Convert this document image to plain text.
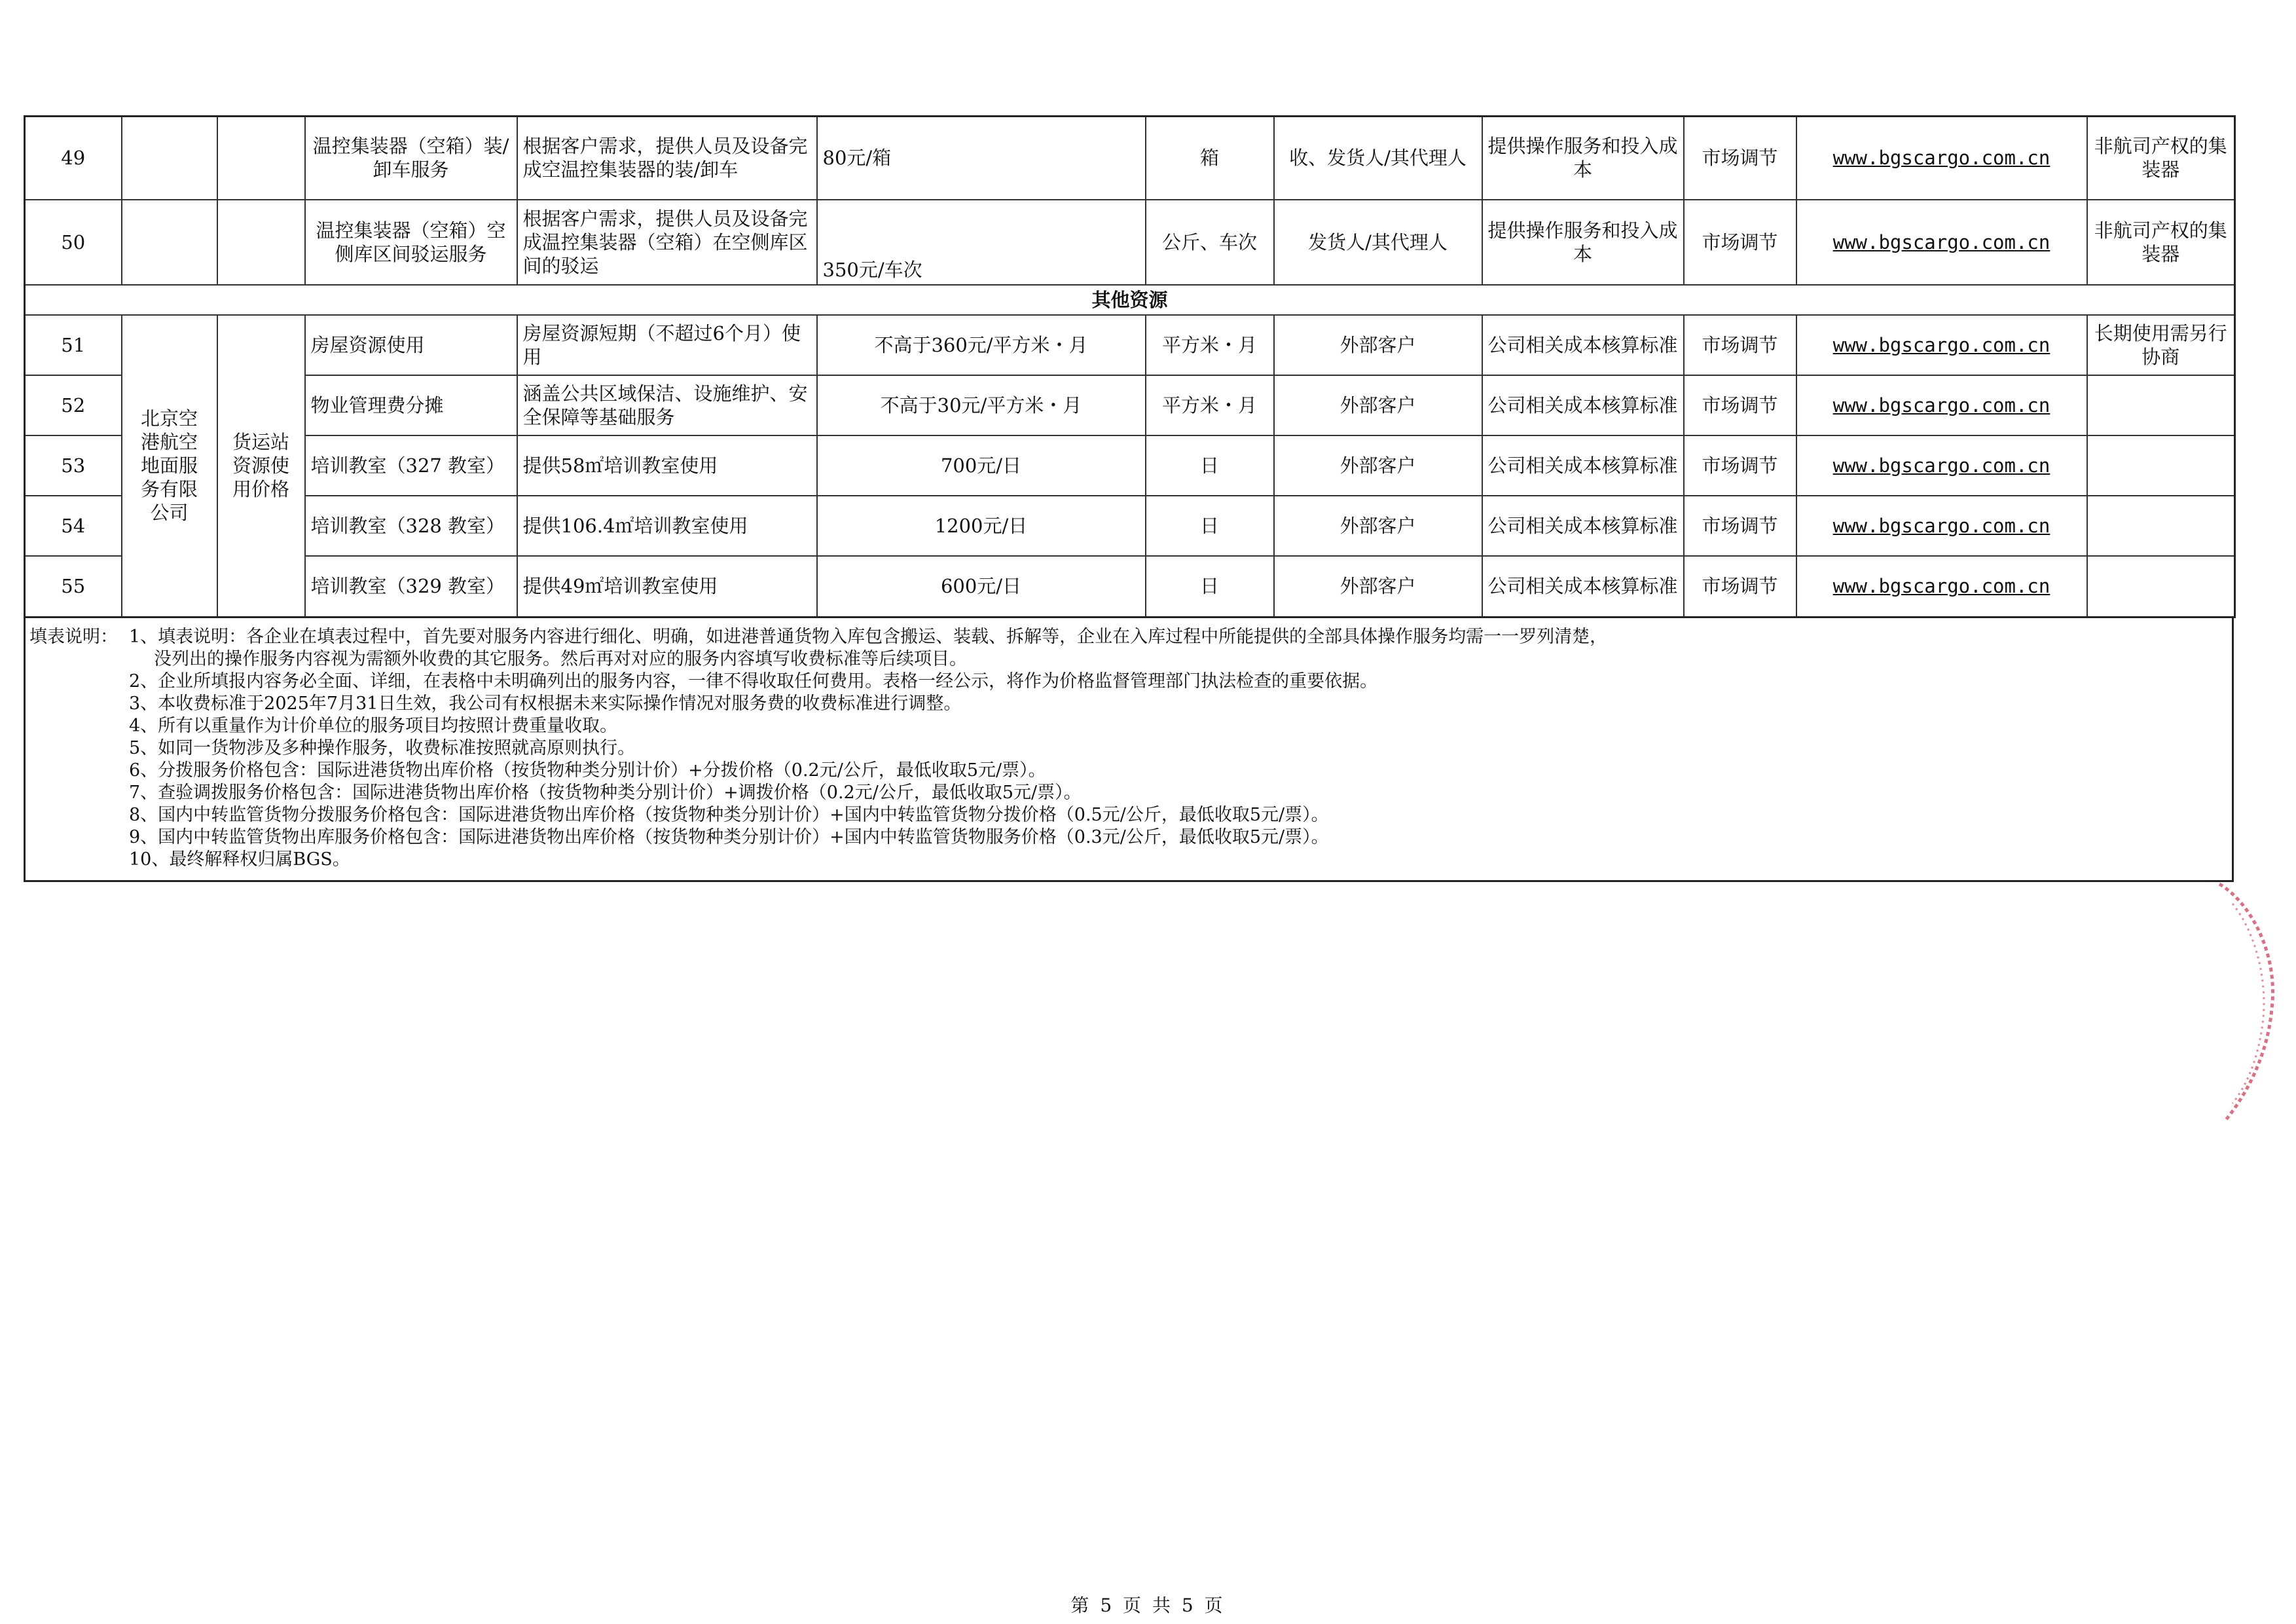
49			温控集装器（空箱）装/卸车服务	根据客户需求，提供人员及设备完成空温控集装器的装/卸车	80元/箱	箱	收、发货人/其代理人	提供操作服务和投入成本	市场调节	www.bgscargo.com.cn	非航司产权的集装器
50			温控集装器（空箱）空侧库区间驳运服务	根据客户需求，提供人员及设备完成温控集装器（空箱）在空侧库区间的驳运	350元/车次	公斤、车次	发货人/其代理人	提供操作服务和投入成本	市场调节	www.bgscargo.com.cn	非航司产权的集装器
其他资源											
51	北京空港航空地面服务有限公司	货运站资源使用价格	房屋资源使用	房屋资源短期（不超过6个月）使用	不高于360元/平方米・月	平方米・月	外部客户	公司相关成本核算标准	市场调节	www.bgscargo.com.cn	长期使用需另行协商
52			物业管理费分摊	涵盖公共区域保洁、设施维护、安全保障等基础服务	不高于30元/平方米・月	平方米・月	外部客户	公司相关成本核算标准	市场调节	www.bgscargo.com.cn	
53			培训教室（327 教室）	提供58㎡培训教室使用	700元/日	日	外部客户	公司相关成本核算标准	市场调节	www.bgscargo.com.cn	
54			培训教室（328 教室）	提供106.4㎡培训教室使用	1200元/日	日	外部客户	公司相关成本核算标准	市场调节	www.bgscargo.com.cn	
55			培训教室（329 教室）	提供49㎡培训教室使用	600元/日	日	外部客户	公司相关成本核算标准	市场调节	www.bgscargo.com.cn	
填表说明： 1、填表说明：各企业在填表过程中，首先要对服务内容进行细化、明确，如进港普通货物入库包含搬运、装载、拆解等，企业在入库过程中所能提供的全部具体操作服务均需一一罗列清楚，
没列出的操作服务内容视为需额外收费的其它服务。然后再对对应的服务内容填写收费标准等后续项目。
2、企业所填报内容务必全面、详细，在表格中未明确列出的服务内容，一律不得收取任何费用。表格一经公示，将作为价格监督管理部门执法检查的重要依据。
3、本收费标准于2025年7月31日生效，我公司有权根据未来实际操作情况对服务费的收费标准进行调整。
4、所有以重量作为计价单位的服务项目均按照计费重量收取。
5、如同一货物涉及多种操作服务，收费标准按照就高原则执行。
6、分拨服务价格包含：国际进港货物出库价格（按货物种类分别计价）+分拨价格（0.2元/公斤，最低收取5元/票）。
7、查验调拨服务价格包含：国际进港货物出库价格（按货物种类分别计价）+调拨价格（0.2元/公斤，最低收取5元/票）。
8、国内中转监管货物分拨服务价格包含：国际进港货物出库价格（按货物种类分别计价）+国内中转监管货物分拨价格（0.5元/公斤，最低收取5元/票）。
9、国内中转监管货物出库服务价格包含：国际进港货物出库价格（按货物种类分别计价）+国内中转监管货物服务价格（0.3元/公斤，最低收取5元/票）。
10、最终解释权归属BGS。
第 5 页 共 5 页
